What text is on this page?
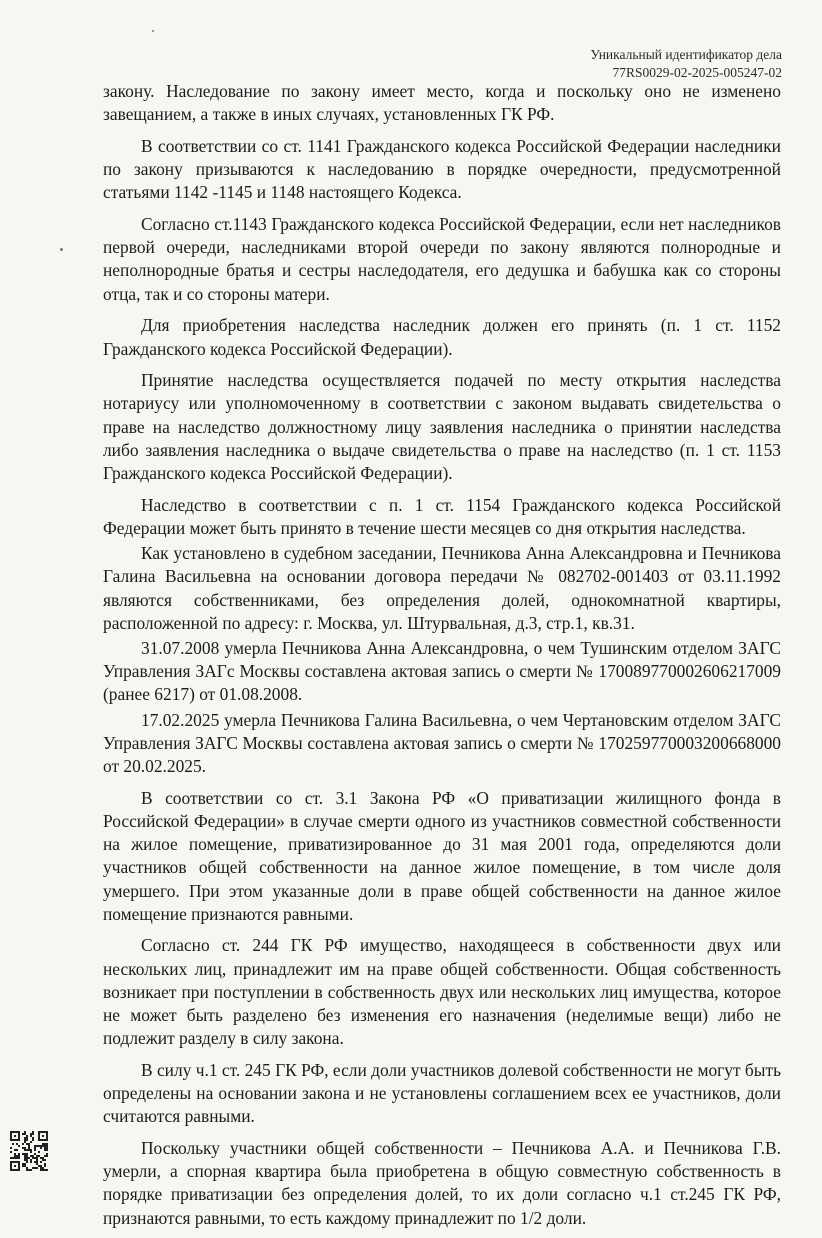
Уникальный идентификатор дела
77RS0029-02-2025-005247-02

закону. Наследование по закону имеет место, когда и поскольку оно не изменено завещанием, а также в иных случаях, установленных ГК РФ.

В соответствии со ст. 1141 Гражданского кодекса Российской Федерации наследники по закону призываются к наследованию в порядке очередности, предусмотренной статьями 1142 -1145 и 1148 настоящего Кодекса.

Согласно ст.1143 Гражданского кодекса Российской Федерации, если нет наследников первой очереди, наследниками второй очереди по закону являются полнородные и неполнородные братья и сестры наследодателя, его дедушка и бабушка как со стороны отца, так и со стороны матери.

Для приобретения наследства наследник должен его принять (п. 1 ст. 1152 Гражданского кодекса Российской Федерации).

Принятие наследства осуществляется подачей по месту открытия наследства нотариусу или уполномоченному в соответствии с законом выдавать свидетельства о праве на наследство должностному лицу заявления наследника о принятии наследства либо заявления наследника о выдаче свидетельства о праве на наследство (п. 1 ст. 1153 Гражданского кодекса Российской Федерации).

Наследство в соответствии с п. 1 ст. 1154 Гражданского кодекса Российской Федерации может быть принято в течение шести месяцев со дня открытия наследства.

Как установлено в судебном заседании, Печникова Анна Александровна и Печникова Галина Васильевна на основании договора передачи № 082702-001403 от 03.11.1992 являются собственниками, без определения долей, однокомнатной квартиры, расположенной по адресу: г. Москва, ул. Штурвальная, д.3, стр.1, кв.31.

31.07.2008 умерла Печникова Анна Александровна, о чем Тушинским отделом ЗАГС Управления ЗАГс Москвы составлена актовая запись о смерти № 170089770002606217009 (ранее 6217) от 01.08.2008.

17.02.2025 умерла Печникова Галина Васильевна, о чем Чертановским отделом ЗАГС Управления ЗАГС Москвы составлена актовая запись о смерти № 170259770003200668000 от 20.02.2025.

В соответствии со ст. 3.1 Закона РФ «О приватизации жилищного фонда в Российской Федерации» в случае смерти одного из участников совместной собственности на жилое помещение, приватизированное до 31 мая 2001 года, определяются доли участников общей собственности на данное жилое помещение, в том числе доля умершего. При этом указанные доли в праве общей собственности на данное жилое помещение признаются равными.

Согласно ст. 244 ГК РФ имущество, находящееся в собственности двух или нескольких лиц, принадлежит им на праве общей собственности. Общая собственность возникает при поступлении в собственность двух или нескольких лиц имущества, которое не может быть разделено без изменения его назначения (неделимые вещи) либо не подлежит разделу в силу закона.

В силу ч.1 ст. 245 ГК РФ, если доли участников долевой собственности не могут быть определены на основании закона и не установлены соглашением всех ее участников, доли считаются равными.

Поскольку участники общей собственности – Печникова А.А. и Печникова Г.В. умерли, а спорная квартира была приобретена в общую совместную собственность в порядке приватизации без определения долей, то их доли согласно ч.1 ст.245 ГК РФ, признаются равными, то есть каждому принадлежит по 1/2 доли.
